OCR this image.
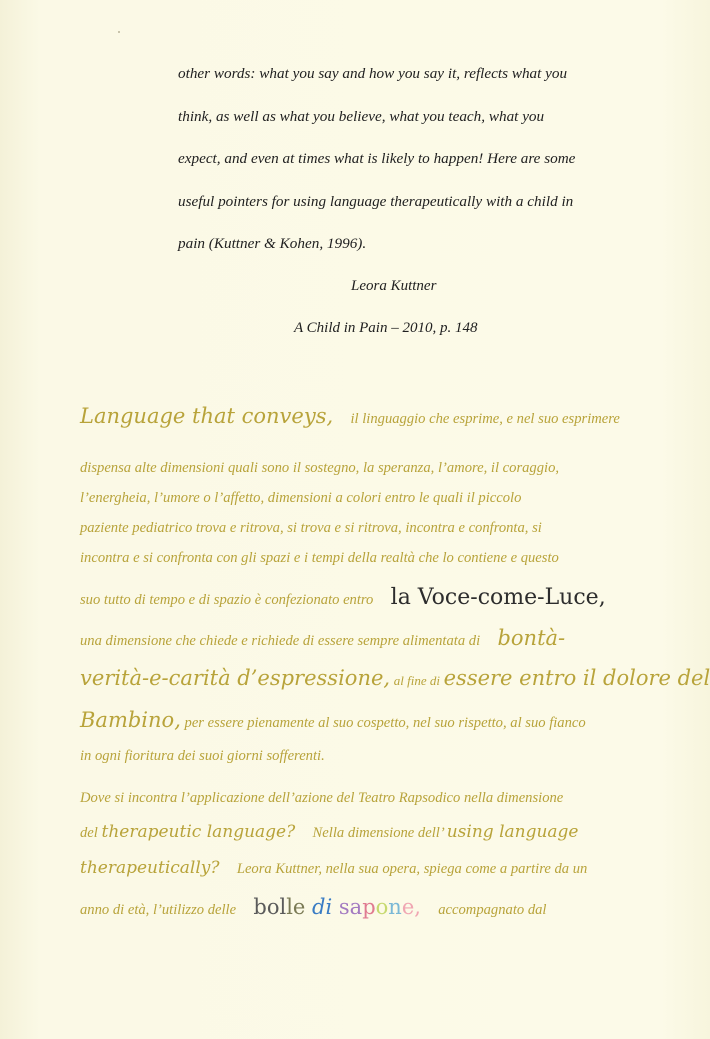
other words: what you say and how you say it, reflects what you
think, as well as what you believe, what you teach, what you
expect, and even at times what is likely to happen! Here are some
useful pointers for using language therapeutically with a child in
pain (Kuttner & Kohen, 1996).
Leora Kuttner
A Child in Pain – 2010, p. 148
Language that conveys, il linguaggio che esprime, e nel suo esprimere
dispensa alte dimensioni quali sono il sostegno, la speranza, l’amore, il coraggio,
l’energheia, l’umore o l’affetto, dimensioni a colori entro le quali il piccolo
paziente pediatrico trova e ritrova, si trova e si ritrova, incontra e confronta, si
incontra e si confronta con gli spazi e i tempi della realtà che lo contiene e questo
suo tutto di tempo e di spazio è confezionato entro la Voce-come-Luce,
una dimensione che chiede e richiede di essere sempre alimentata di bontà-
verità-e-carità d’espressione, al fine di essere entro il dolore del
Bambino, per essere pienamente al suo cospetto, nel suo rispetto, al suo fianco
in ogni fioritura dei suoi giorni sofferenti.
Dove si incontra l’applicazione dell’azione del Teatro Rapsodico nella dimensione
del therapeutic language? Nella dimensione dell’ using language
therapeutically? Leora Kuttner, nella sua opera, spiega come a partire da un
anno di età, l’utilizzo delle bolle di sapone, accompagnato dal
